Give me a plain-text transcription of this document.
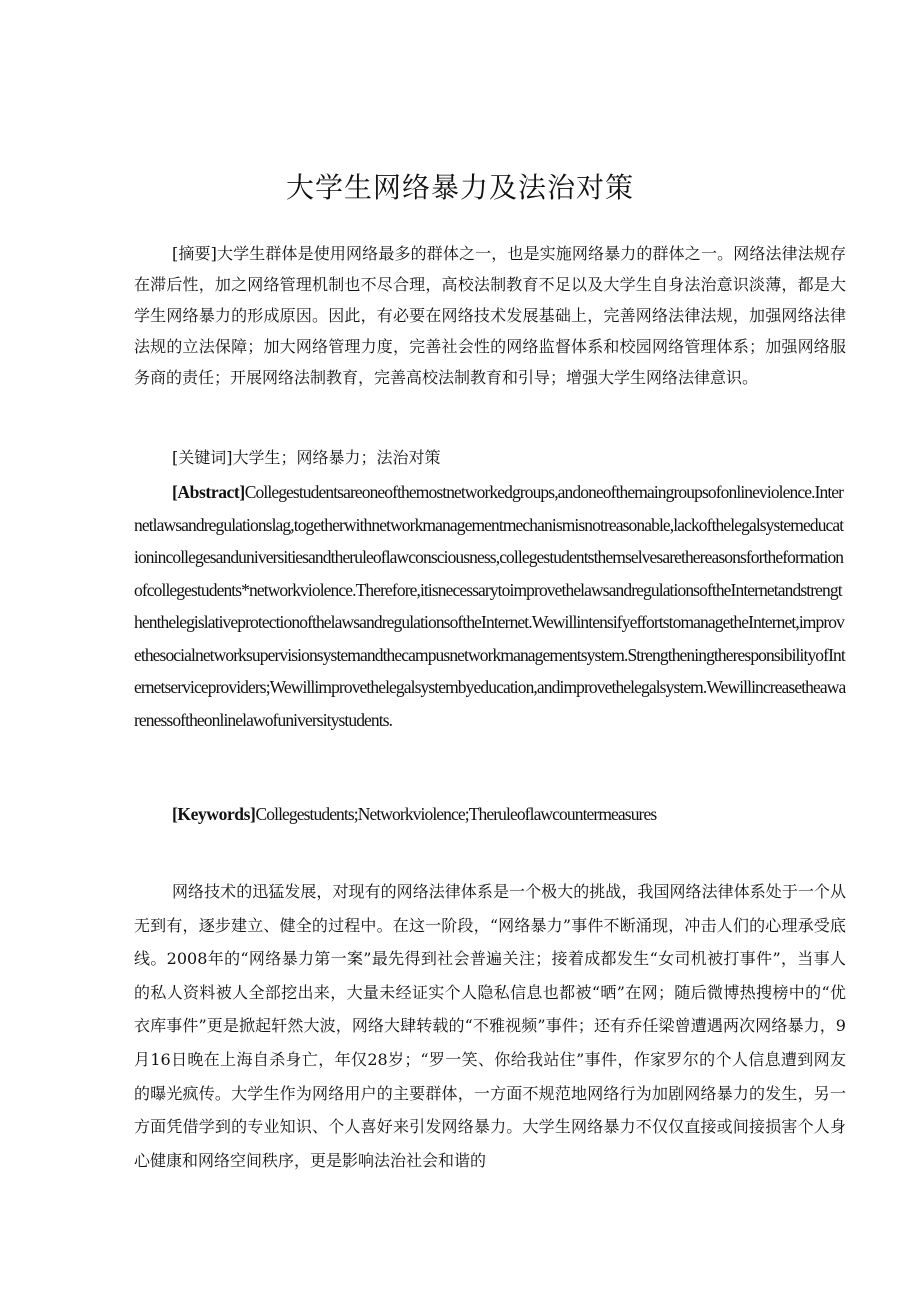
大学生网络暴力及法治对策

[摘要]大学生群体是使用网络最多的群体之一，也是实施网络暴力的群体之一。网络法律法规存在滞后性，加之网络管理机制也不尽合理，高校法制教育不足以及大学生自身法治意识淡薄，都是大学生网络暴力的形成原因。因此，有必要在网络技术发展基础上，完善网络法律法规，加强网络法律法规的立法保障；加大网络管理力度，完善社会性的网络监督体系和校园网络管理体系；加强网络服务商的责任；开展网络法制教育，完善高校法制教育和引导；增强大学生网络法律意识。

[关键词]大学生；网络暴力；法治对策

[Abstract]Collegestudentsareoneofthemostnetworkedgroups,andoneofthemaingroupsofonlineviolence.Internetlawsandregulationslag,togetherwithnetworkmanagementmechanismisnotreasonable,lackofthelegalsystemeducationincollegesanduniversitiesandtheruleoflawconsciousness,collegestudentsthemselvesarethereasonsfortheformationofcollegestudents*networkviolence.Therefore,itisnecessarytoimprovethelawsandregulationsoftheInternetandstrengthenthelegislativeprotectionofthelawsandregulationsoftheInternet.WewillintensifyeffortstomanagetheInternet,improvethesocialnetworksupervisionsystemandthecampusnetworkmanagementsystem.StrengtheningtheresponsibilityofInternetserviceproviders;Wewillimprovethelegalsystembyeducation,andimprovethelegalsystem.Wewillincreasetheawarenessoftheonlinelawofuniversitystudents.

[Keywords]Collegestudents;Networkviolence;Theruleoflawcountermeasures

网络技术的迅猛发展，对现有的网络法律体系是一个极大的挑战，我国网络法律体系处于一个从无到有，逐步建立、健全的过程中。在这一阶段，“网络暴力”事件不断涌现，冲击人们的心理承受底线。2008年的“网络暴力第一案”最先得到社会普遍关注；接着成都发生“女司机被打事件”，当事人的私人资料被人全部挖出来，大量未经证实个人隐私信息也都被“晒”在网；随后微博热搜榜中的“优衣库事件”更是掀起轩然大波，网络大肆转载的“不雅视频”事件；还有乔任梁曾遭遇两次网络暴力，9月16日晚在上海自杀身亡，年仅28岁；“罗一笑、你给我站住”事件，作家罗尔的个人信息遭到网友的曝光疯传。大学生作为网络用户的主要群体，一方面不规范地网络行为加剧网络暴力的发生，另一方面凭借学到的专业知识、个人喜好来引发网络暴力。大学生网络暴力不仅仅直接或间接损害个人身心健康和网络空间秩序，更是影响法治社会和谐的
